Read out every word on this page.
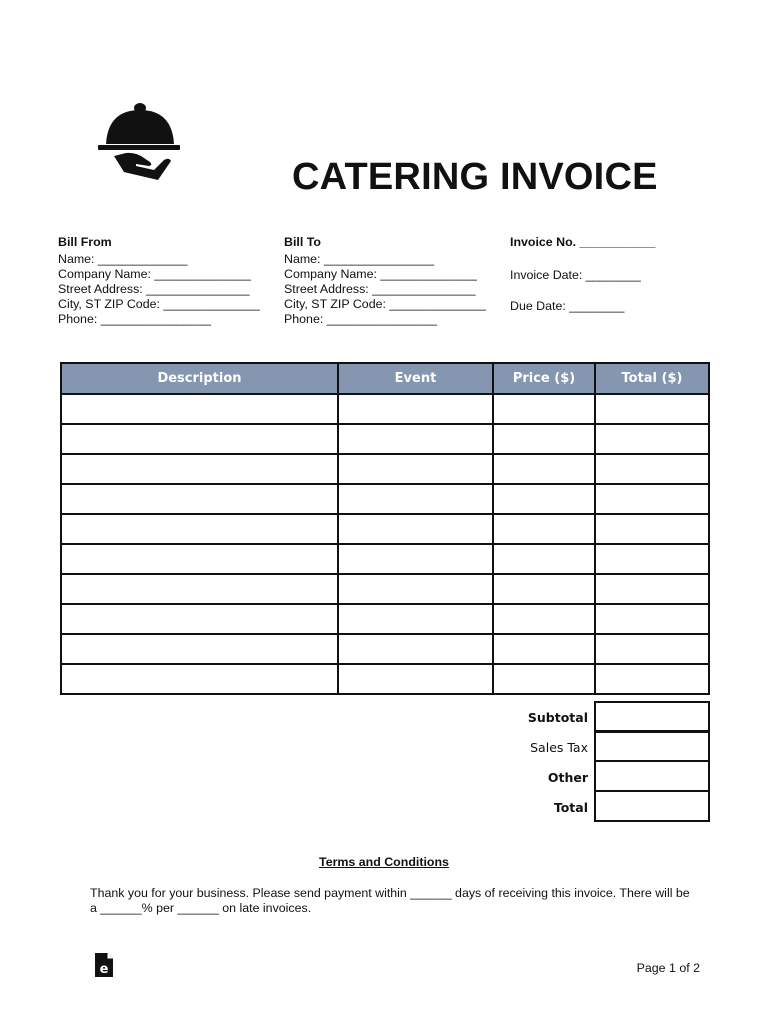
CATERING INVOICE
Bill From
Name: _____________
Company Name: ______________
Street Address: _______________
City, ST ZIP Code: ______________
Phone: ________________
Bill To
Name: ________________
Company Name: ______________
Street Address: _______________
City, ST ZIP Code: ______________
Phone: ________________
Invoice No. ___________
Invoice Date: ________
Due Date: ________
Description	Event	Price ($)	Total ($)

Subtotal
Sales Tax
Other
Total
Terms and Conditions
Thank you for your business. Please send payment within ______ days of receiving this invoice. There will be a ______% per ______ on late invoices.
e	Page 1 of 2
